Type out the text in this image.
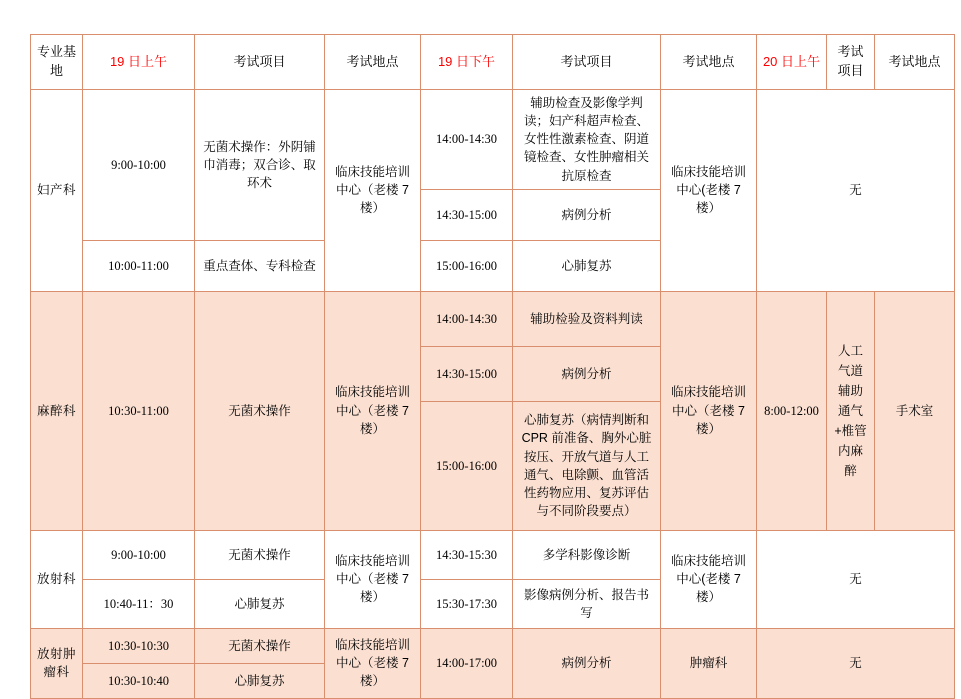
专业基地	19 日上午	考试项目	考试地点	19 日下午	考试项目	考试地点	20 日上午	考试项目	考试地点
妇产科	9:00-10:00	无菌术操作：外阴铺巾消毒；双合诊、取环术	临床技能培训中心（老楼 7 楼）	14:00-14:30	辅助检查及影像学判读；妇产科超声检查、女性性激素检查、阴道镜检查、女性肿瘤相关抗原检查	临床技能培训中心(老楼 7 楼）	无		
				14:30-15:00	病例分析				
	10:00-11:00	重点查体、专科检查		15:00-16:00	心肺复苏				
麻醉科	10:30-11:00	无菌术操作	临床技能培训中心（老楼 7 楼）	14:00-14:30	辅助检验及资料判读	临床技能培训中心（老楼 7 楼）	8:00-12:00	人工气道辅助通气+椎管内麻醉	手术室
				14:30-15:00	病例分析				
				15:00-16:00	心肺复苏（病情判断和 CPR 前准备、胸外心脏按压、开放气道与人工通气、电除颤、血管活性药物应用、复苏评估与不同阶段要点）				
放射科	9:00-10:00	无菌术操作	临床技能培训中心（老楼 7 楼）	14:30-15:30	多学科影像诊断	临床技能培训中心(老楼 7 楼）	无		
	10:40-11：30	心肺复苏		15:30-17:30	影像病例分析、报告书写				
放射肿瘤科	10:30-10:30	无菌术操作	临床技能培训中心（老楼 7 楼）	14:00-17:00	病例分析	肿瘤科	无		
	10:30-10:40	心肺复苏							
